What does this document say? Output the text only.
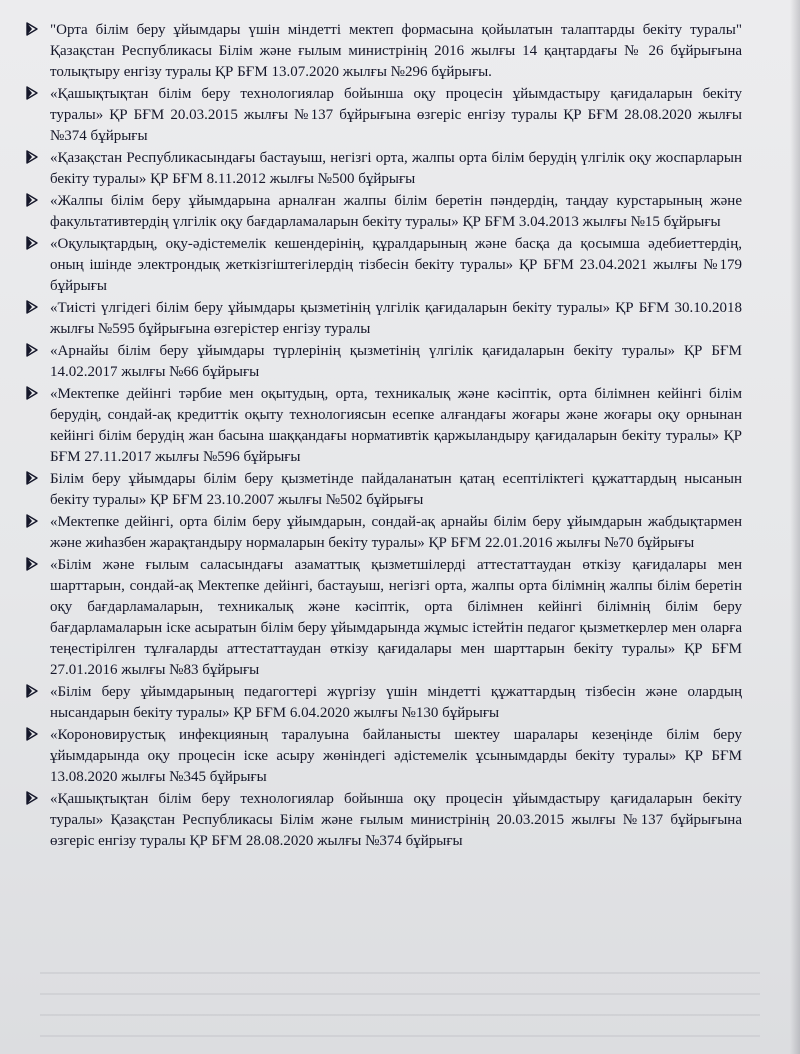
"Орта білім беру ұйымдары үшін міндетті мектеп формасына қойылатын талаптарды бекіту туралы" Қазақстан Республикасы Білім және ғылым министрінің 2016 жылғы 14 қаңтардағы № 26 бұйрығына толықтыру енгізу туралы ҚР БҒМ 13.07.2020 жылғы №296 бұйрығы.
«Қашықтықтан білім беру технологиялар бойынша оқу процесін ұйымдастыру қағидаларын бекіту туралы» ҚР БҒМ 20.03.2015 жылғы №137 бұйрығына өзгеріс енгізу туралы ҚР БҒМ 28.08.2020 жылғы №374 бұйрығы
«Қазақстан Республикасындағы бастауыш, негізгі орта, жалпы орта білім берудің үлгілік оқу жоспарларын бекіту туралы» ҚР БҒМ 8.11.2012 жылғы №500 бұйрығы
«Жалпы білім беру ұйымдарына арналған жалпы білім беретін пәндердің, таңдау курстарының және факультативтердің үлгілік оқу бағдарламаларын бекіту туралы» ҚР БҒМ 3.04.2013 жылғы №15 бұйрығы
«Оқулықтардың, оқу-әдістемелік кешендерінің, құралдарының және басқа да қосымша әдебиеттердің, оның ішінде электрондық жеткізгіштегілердің тізбесін бекіту туралы» ҚР БҒМ 23.04.2021 жылғы №179 бұйрығы
«Тиісті үлгідегі білім беру ұйымдары қызметінің үлгілік қағидаларын бекіту туралы» ҚР БҒМ 30.10.2018 жылғы №595 бұйрығына өзгерістер енгізу туралы
«Арнайы білім беру ұйымдары түрлерінің қызметінің үлгілік қағидаларын бекіту туралы» ҚР БҒМ 14.02.2017 жылғы №66 бұйрығы
«Мектепке дейінгі тәрбие мен оқытудың, орта, техникалық және кәсіптік, орта білімнен кейінгі білім берудің, сондай-ақ кредиттік оқыту технологиясын есепке алғандағы жоғары және жоғары оқу орнынан кейінгі білім берудің жан басына шаққандағы нормативтік қаржыландыру қағидаларын бекіту туралы» ҚР БҒМ 27.11.2017 жылғы №596 бұйрығы
Білім беру ұйымдары білім беру қызметінде пайдаланатын қатаң есептіліктегі құжаттардың нысанын бекіту туралы» ҚР БҒМ 23.10.2007 жылғы №502 бұйрығы
«Мектепке дейінгі, орта білім беру ұйымдарын, сондай-ақ арнайы білім беру ұйымдарын жабдықтармен және жиһазбен жарақтандыру нормаларын бекіту туралы» ҚР БҒМ 22.01.2016 жылғы №70 бұйрығы
«Білім және ғылым саласындағы азаматтық қызметшілерді аттестаттаудан өткізу қағидалары мен шарттарын, сондай-ақ Мектепке дейінгі, бастауыш, негізгі орта, жалпы орта білімнің жалпы білім беретін оқу бағдарламаларын, техникалық және кәсіптік, орта білімнен кейінгі білімнің білім беру бағдарламаларын іске асыратын білім беру ұйымдарында жұмыс істейтін педагог қызметкерлер мен оларға теңестірілген тұлғаларды аттестаттаудан өткізу қағидалары мен шарттарын бекіту туралы» ҚР БҒМ 27.01.2016 жылғы №83 бұйрығы
«Білім беру ұйымдарының педагогтері жүргізу үшін міндетті құжаттардың тізбесін және олардың нысандарын бекіту туралы» ҚР БҒМ 6.04.2020 жылғы №130 бұйрығы
«Короновирустық инфекцияның таралуына байланысты шектеу шаралары кезеңінде білім беру ұйымдарында оқу процесін іске асыру жөніндегі әдістемелік ұсынымдарды бекіту туралы» ҚР БҒМ 13.08.2020 жылғы №345 бұйрығы
«Қашықтықтан білім беру технологиялар бойынша оқу процесін ұйымдастыру қағидаларын бекіту туралы» Қазақстан Республикасы Білім және ғылым министрінің 20.03.2015 жылғы №137 бұйрығына өзгеріс енгізу туралы ҚР БҒМ 28.08.2020 жылғы №374 бұйрығы
